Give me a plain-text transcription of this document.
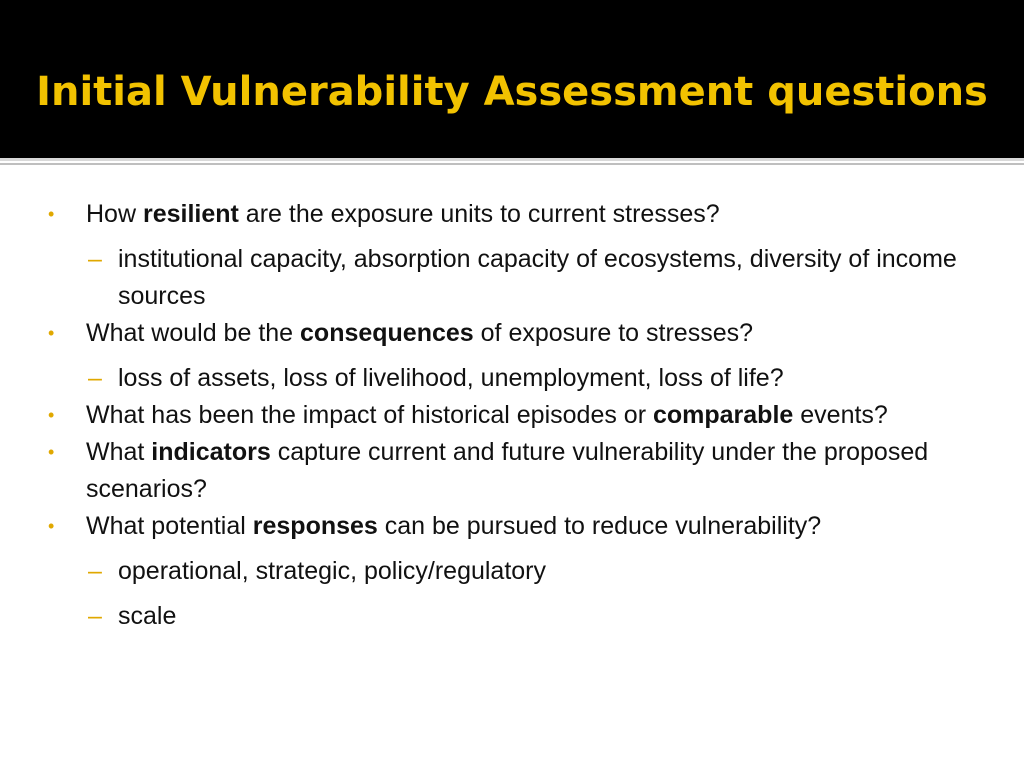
Initial Vulnerability Assessment questions

• How resilient are the exposure units to current stresses?

– institutional capacity, absorption capacity of ecosystems, diversity of income sources

• What would be the consequences of exposure to stresses?

– loss of assets, loss of livelihood, unemployment, loss of life?

• What has been the impact of historical episodes or comparable events?

• What indicators capture current and future vulnerability under the proposed scenarios?

• What potential responses can be pursued to reduce vulnerability?

– operational, strategic, policy/regulatory

– scale
